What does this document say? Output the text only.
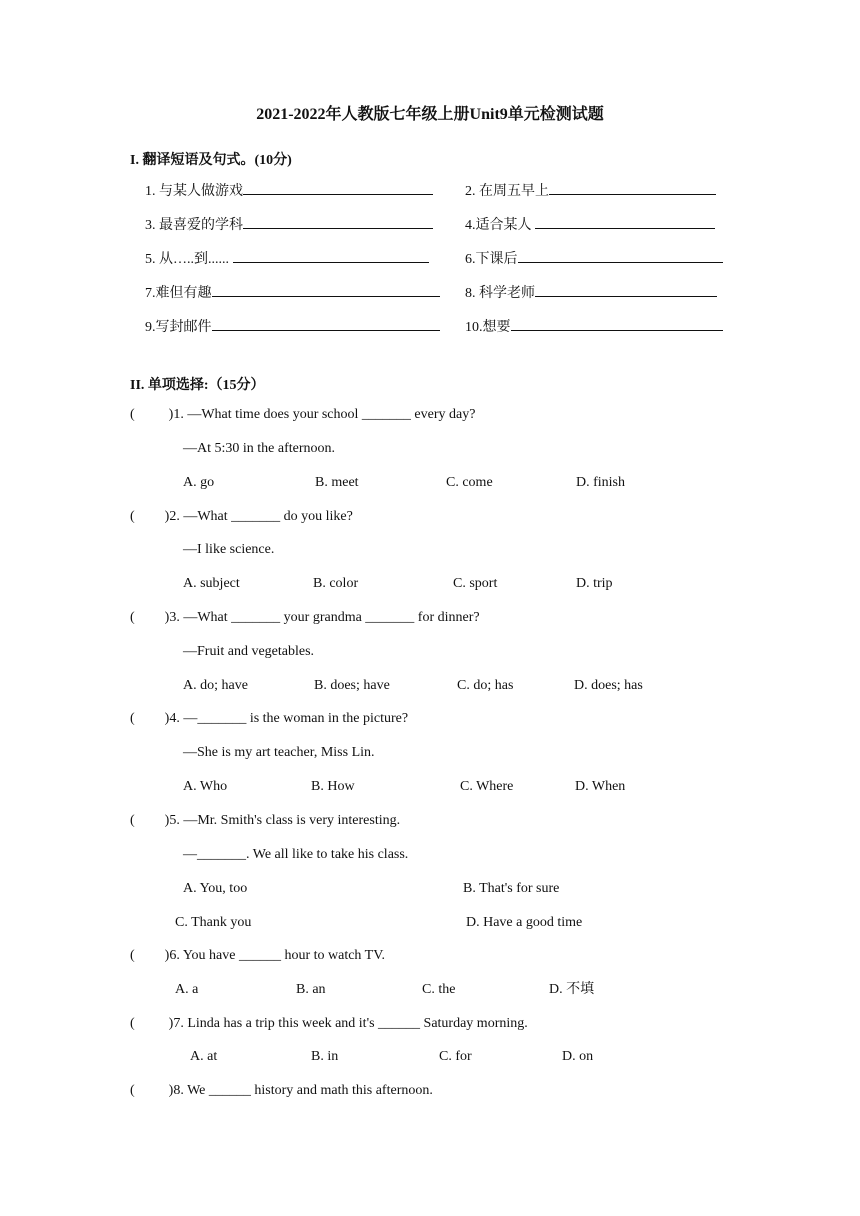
2021-2022年人教版七年级上册Unit9单元检测试题
I. 翻译短语及句式。(10分)
1. 与某人做游戏	2. 在周五早上
3. 最喜爱的学科	4.适合某人
5. 从…..到......	6.下课后
7.难但有趣	8. 科学老师
9.写封邮件	10.想要
II. 单项选择:（15分）
( )1. —What time does your school _______ every day?
—At 5:30 in the afternoon.
A. go	B. meet	C. come	D. finish
( )2. —What _______ do you like?
—I like science.
A. subject	B. color	C. sport	D. trip
( )3. —What _______ your grandma _______ for dinner?
—Fruit and vegetables.
A. do; have	B. does; have	C. do; has	D. does; has
( )4. —_______ is the woman in the picture?
—She is my art teacher, Miss Lin.
A. Who	B. How	C. Where	D. When
( )5. —Mr. Smith's class is very interesting.
—_______. We all like to take his class.
A. You, too	B. That's for sure
C. Thank you	D. Have a good time
( )6. You have ______ hour to watch TV.
A. a	B. an	C. the	D. 不填
( )7. Linda has a trip this week and it's ______ Saturday morning.
A. at	B. in	C. for	D. on
( )8. We ______ history and math this afternoon.
